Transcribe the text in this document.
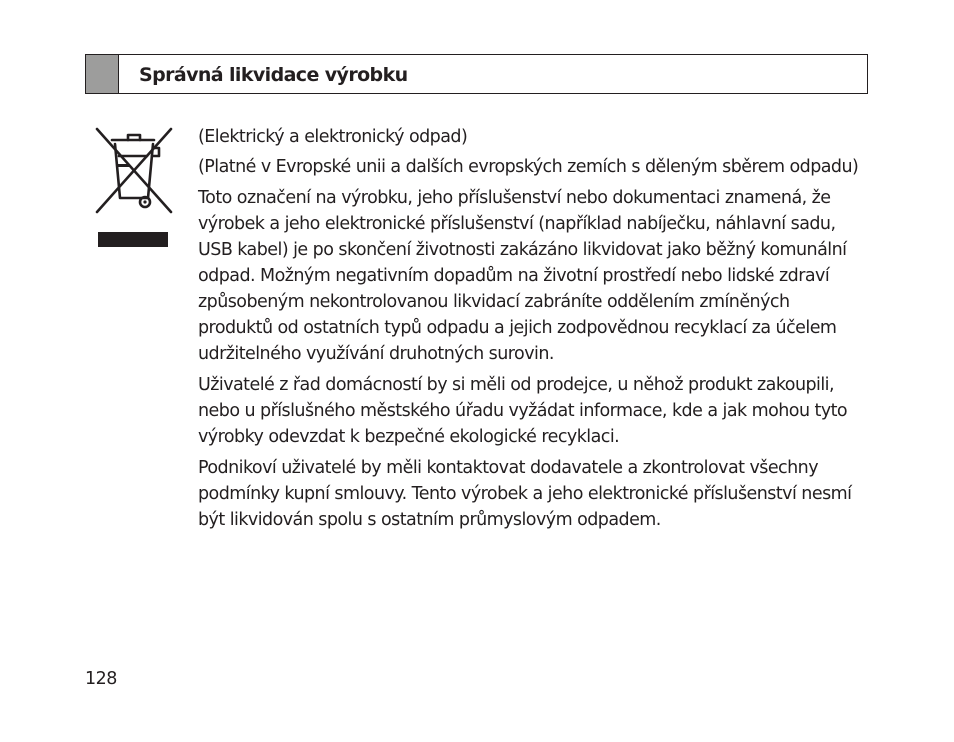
Správná likvidace výrobku

(Elektrický a elektronický odpad)

(Platné v Evropské unii a dalších evropských zemích s děleným sběrem odpadu)

Toto označení na výrobku, jeho příslušenství nebo dokumentaci znamená, že výrobek a jeho elektronické příslušenství (například nabíječku, náhlavní sadu, USB kabel) je po skončení životnosti zakázáno likvidovat jako běžný komunální odpad. Možným negativním dopadům na životní prostředí nebo lidské zdraví způsobeným nekontrolovanou likvidací zabráníte oddělením zmíněných produktů od ostatních typů odpadu a jejich zodpovědnou recyklací za účelem udržitelného využívání druhotných surovin.

Uživatelé z řad domácností by si měli od prodejce, u něhož produkt zakoupili, nebo u příslušného městského úřadu vyžádat informace, kde a jak mohou tyto výrobky odevzdat k bezpečné ekologické recyklaci.

Podnikoví uživatelé by měli kontaktovat dodavatele a zkontrolovat všechny podmínky kupní smlouvy. Tento výrobek a jeho elektronické příslušenství nesmí být likvidován spolu s ostatním průmyslovým odpadem.

128
